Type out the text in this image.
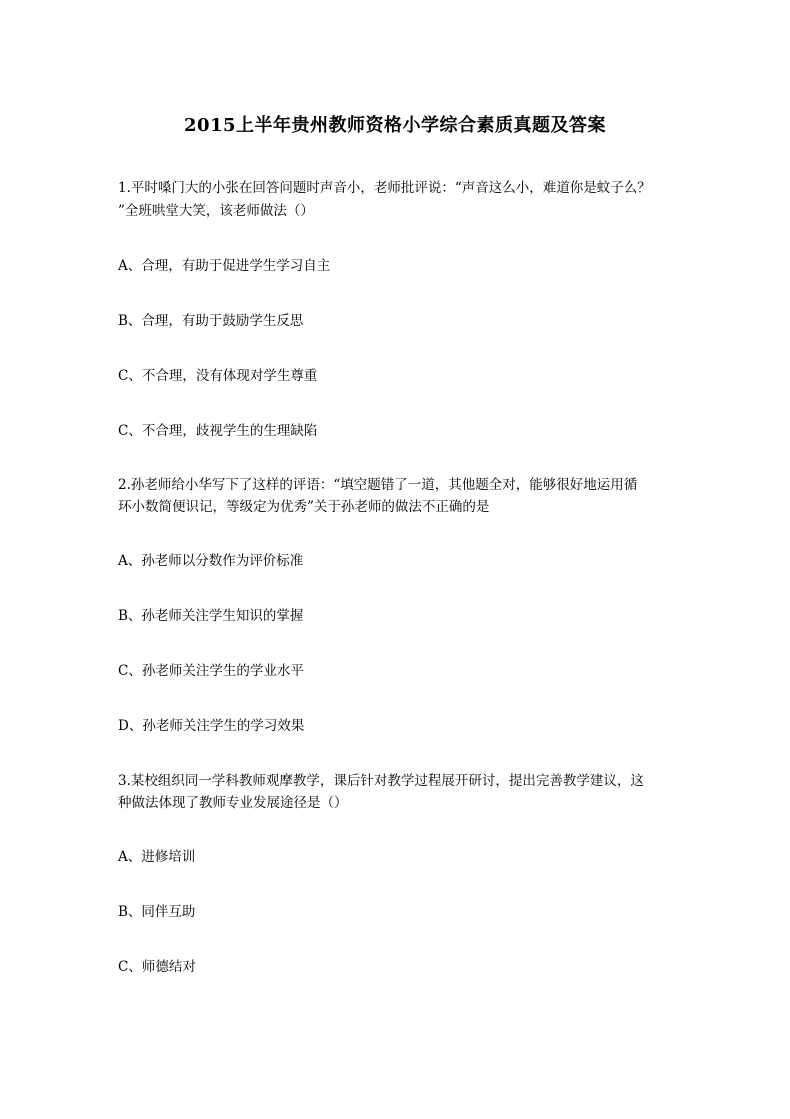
2015上半年贵州教师资格小学综合素质真题及答案
1.平时嗓门大的小张在回答问题时声音小，老师批评说：“声音这么小，难道你是蚊子么？
”全班哄堂大笑，该老师做法（）
A、合理，有助于促进学生学习自主
B、合理，有助于鼓励学生反思
C、不合理，没有体现对学生尊重
C、不合理，歧视学生的生理缺陷
2.孙老师给小华写下了这样的评语：“填空题错了一道，其他题全对，能够很好地运用循
环小数简便识记，等级定为优秀”关于孙老师的做法不正确的是
A、孙老师以分数作为评价标准
B、孙老师关注学生知识的掌握
C、孙老师关注学生的学业水平
D、孙老师关注学生的学习效果
3.某校组织同一学科教师观摩教学，课后针对教学过程展开研讨，提出完善教学建议，这
种做法体现了教师专业发展途径是（）
A、进修培训
B、同伴互助
C、师德结对
